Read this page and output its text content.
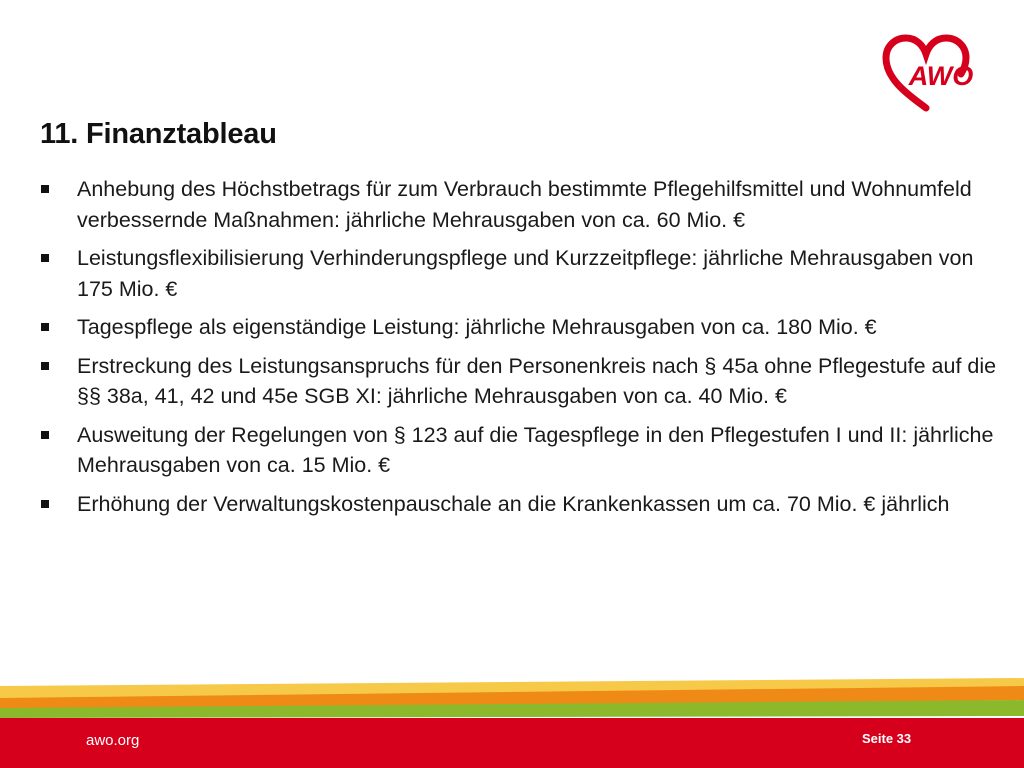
AWO
11. Finanztableau
Anhebung des Höchstbetrags für zum Verbrauch bestimmte Pflegehilfsmittel und Wohnumfeld verbessernde Maßnahmen: jährliche Mehrausgaben von ca. 60 Mio. €
Leistungsflexibilisierung Verhinderungspflege und Kurzzeitpflege: jährliche Mehrausgaben von 175 Mio. €
Tagespflege als eigenständige Leistung: jährliche Mehrausgaben von ca. 180 Mio. €
Erstreckung des Leistungsanspruchs für den Personenkreis nach § 45a ohne Pflegestufe auf die §§ 38a, 41, 42 und 45e SGB XI: jährliche Mehrausgaben von ca. 40 Mio. €
Ausweitung der Regelungen von § 123 auf die Tagespflege in den Pflegestufen I und II: jährliche Mehrausgaben von ca. 15 Mio. €
Erhöhung der Verwaltungskostenpauschale an die Krankenkassen um ca. 70 Mio. € jährlich
awo.org	Seite 33
